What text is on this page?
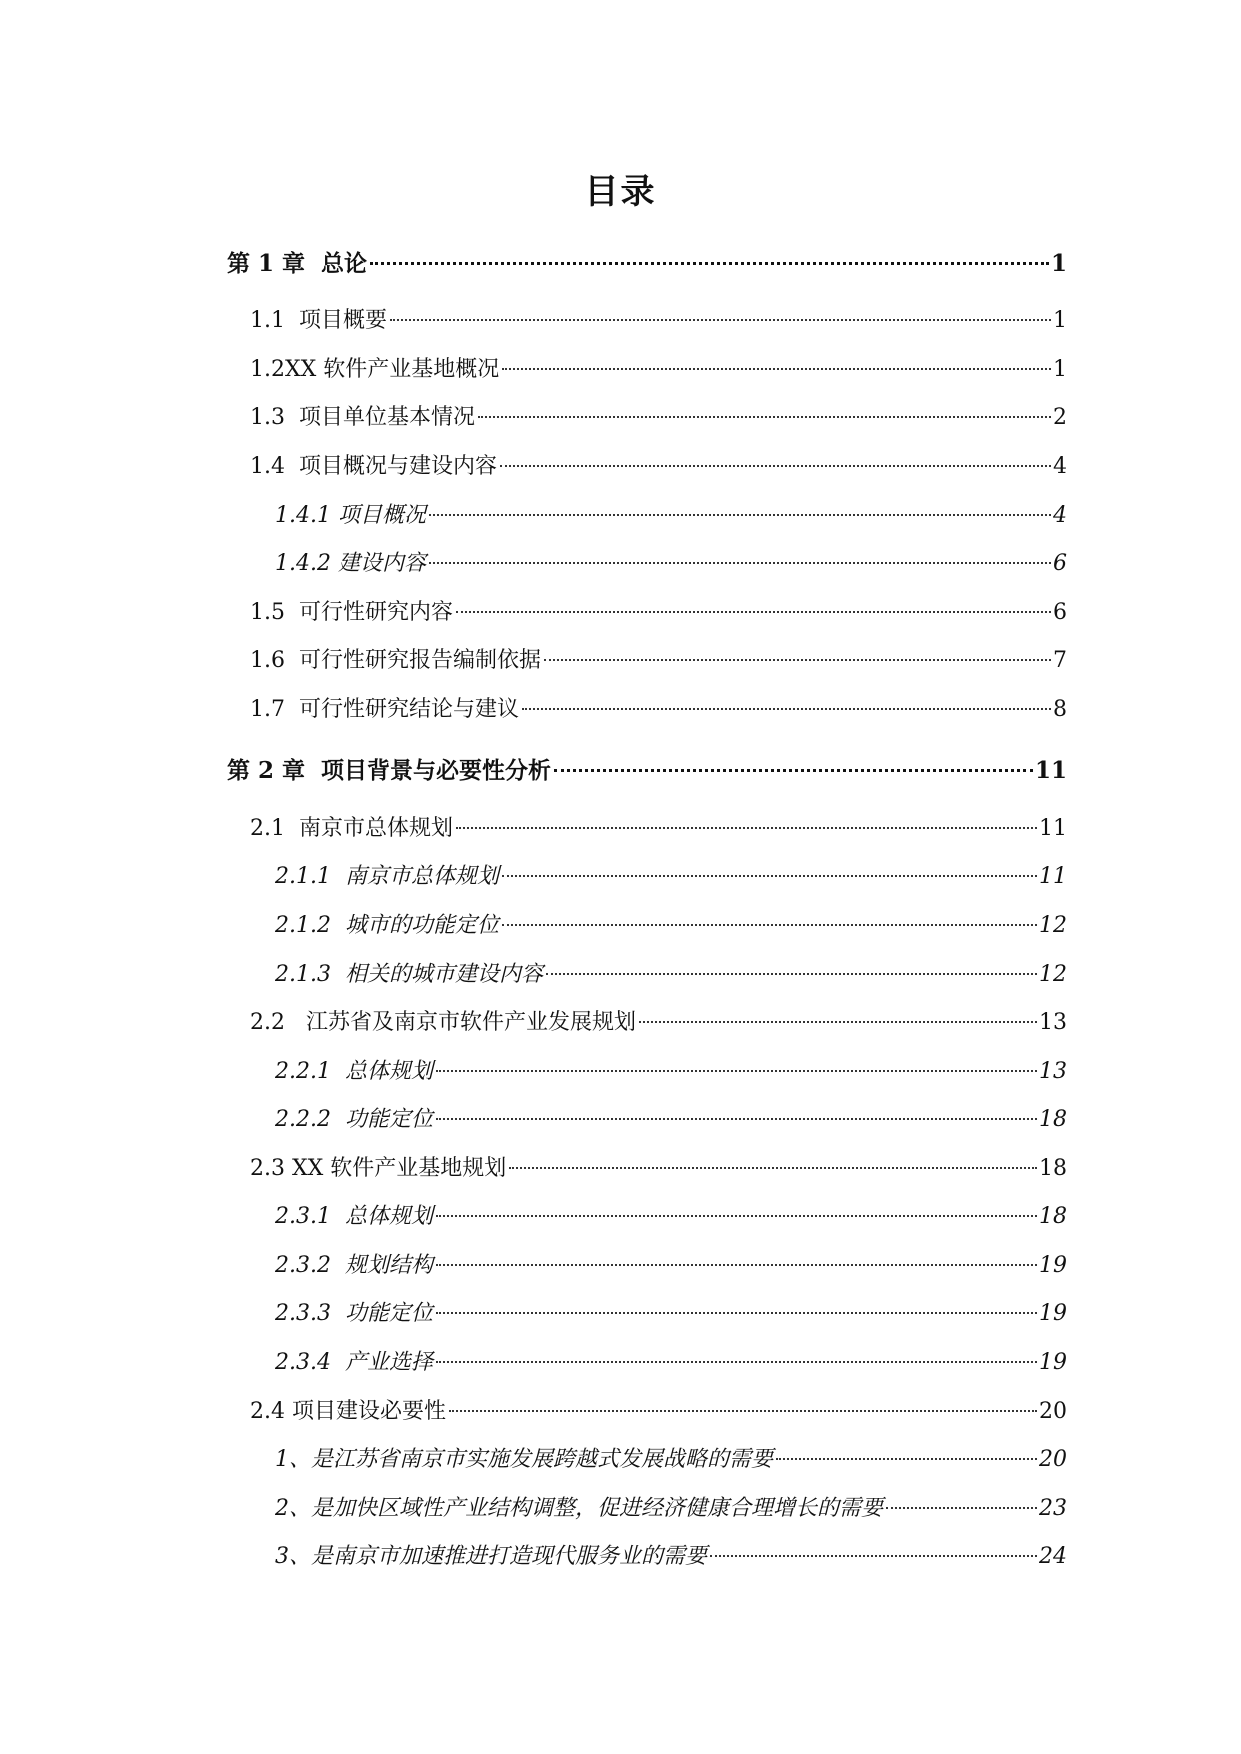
目录
第 1 章  总论	1
1.1  项目概要	1
1.2XX 软件产业基地概况	1
1.3  项目单位基本情况	2
1.4  项目概况与建设内容	4
1.4.1 项目概况	4
1.4.2 建设内容	6
1.5  可行性研究内容	6
1.6  可行性研究报告编制依据	7
1.7  可行性研究结论与建议	8
第 2 章  项目背景与必要性分析	11
2.1  南京市总体规划	11
2.1.1  南京市总体规划	11
2.1.2  城市的功能定位	12
2.1.3  相关的城市建设内容	12
2.2   江苏省及南京市软件产业发展规划	13
2.2.1  总体规划	13
2.2.2  功能定位	18
2.3 XX 软件产业基地规划	18
2.3.1  总体规划	18
2.3.2  规划结构	19
2.3.3  功能定位	19
2.3.4  产业选择	19
2.4 项目建设必要性	20
1、是江苏省南京市实施发展跨越式发展战略的需要	20
2、是加快区域性产业结构调整，促进经济健康合理增长的需要	23
3、是南京市加速推进打造现代服务业的需要	24
